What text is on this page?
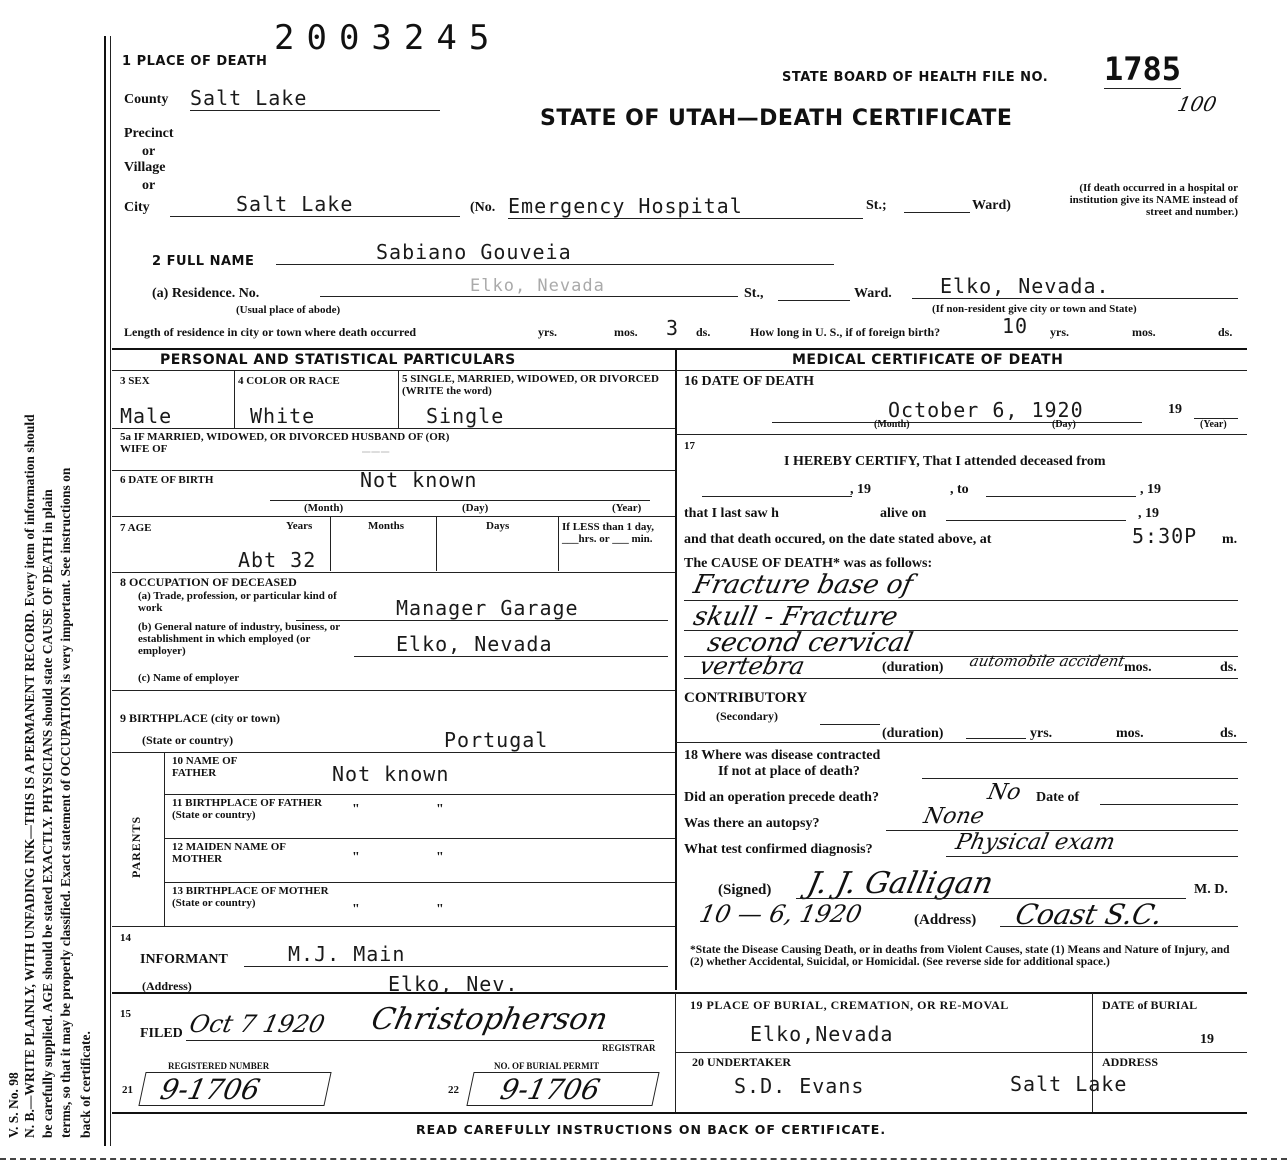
V. S. No. 98 N. B.—WRITE PLAINLY, WITH UNFADING INK—THIS IS A PERMANENT RECORD. Every item of information should be carefully supplied. AGE should be stated EXACTLY. PHYSICIANS should state CAUSE OF DEATH in plain terms, so that it may be properly classified. Exact statement of OCCUPATION is very important. See instructions on back of certificate.
2003245
1 PLACE OF DEATH
STATE BOARD OF HEALTH FILE NO. 1785
100
STATE OF UTAH—DEATH CERTIFICATE
County Salt Lake
Precinct
or
Village
or
City	Salt Lake	(No. Emergency Hospital	St.;	Ward)
(If death occurred in a hospital or institution give its NAME instead of street and number.)
2 FULL NAME	Sabiano Gouveia
(a) Residence. No.	Elko, Nevada	St.,	Ward.	Elko, Nevada.
(Usual place of abode)	(If non-resident give city or town and State)
Length of residence in city or town where death occurred	yrs.	mos. 3 ds.	How long in U. S., if of foreign birth?	10 yrs.	mos.	ds.
PERSONAL AND STATISTICAL PARTICULARS
3 SEX	4 COLOR OR RACE	5 SINGLE, MARRIED, WIDOWED, OR DIVORCED (WRITE the word)
Male	White	Single
5a IF MARRIED, WIDOWED, OR DIVORCED HUSBAND OF (OR) WIFE OF	———
6 DATE OF BIRTH	Not known
(Month)	(Day)	(Year)
7 AGE	Years	Months	Days	If LESS than 1 day, ___hrs. or ___ min.
Abt 32
8 OCCUPATION OF DECEASED
(a) Trade, profession, or particular kind of work	Manager Garage
(b) General nature of industry, business, or establishment in which employed (or employer)	Elko, Nevada
(c) Name of employer
9 BIRTHPLACE (city or town)
(State or country)	Portugal
PARENTS
10 NAME OF FATHER	Not known
11 BIRTHPLACE OF FATHER (State or country)	"	"
12 MAIDEN NAME OF MOTHER	"	"
13 BIRTHPLACE OF MOTHER (State or country)	"	"
14
INFORMANT	M.J. Main
(Address)	Elko, Nev.
15
FILED Oct 7 1920 Christopherson
REGISTRAR
REGISTERED NUMBER
21 9-1706
NO. OF BURIAL PERMIT
22	9-1706
MEDICAL CERTIFICATE OF DEATH
16 DATE OF DEATH
October 6, 1920	19
(Month)	(Day)	(Year)
17
I HEREBY CERTIFY, That I attended deceased from
, 19	, to	, 19
that I last saw h	alive on	, 19
and that death occured, on the date stated above, at	5:30P m.
The CAUSE OF DEATH* was as follows:
Fracture base of
skull - Fracture
second cervical
vertebra	(duration) automobile accident
mos.	ds.
CONTRIBUTORY
(Secondary)
(duration)	yrs.	mos.	ds.
18 Where was disease contracted
If not at place of death?
Did an operation precede death?	No Date of
Was there an autopsy?	None
What test confirmed diagnosis?	Physical exam
(Signed) J. J. Galligan	M. D.
10 — 6, 1920	(Address) Coast S.C.
*State the Disease Causing Death, or in deaths from Violent Causes, state (1) Means and Nature of Injury, and (2) whether Accidental, Suicidal, or Homicidal. (See reverse side for additional space.)
19 PLACE OF BURIAL, CREMATION, OR RE-MOVAL
Elko,Nevada
DATE of BURIAL
19
20 UNDERTAKER
S.D. Evans
ADDRESS
Salt Lake
READ CAREFULLY INSTRUCTIONS ON BACK OF CERTIFICATE.
